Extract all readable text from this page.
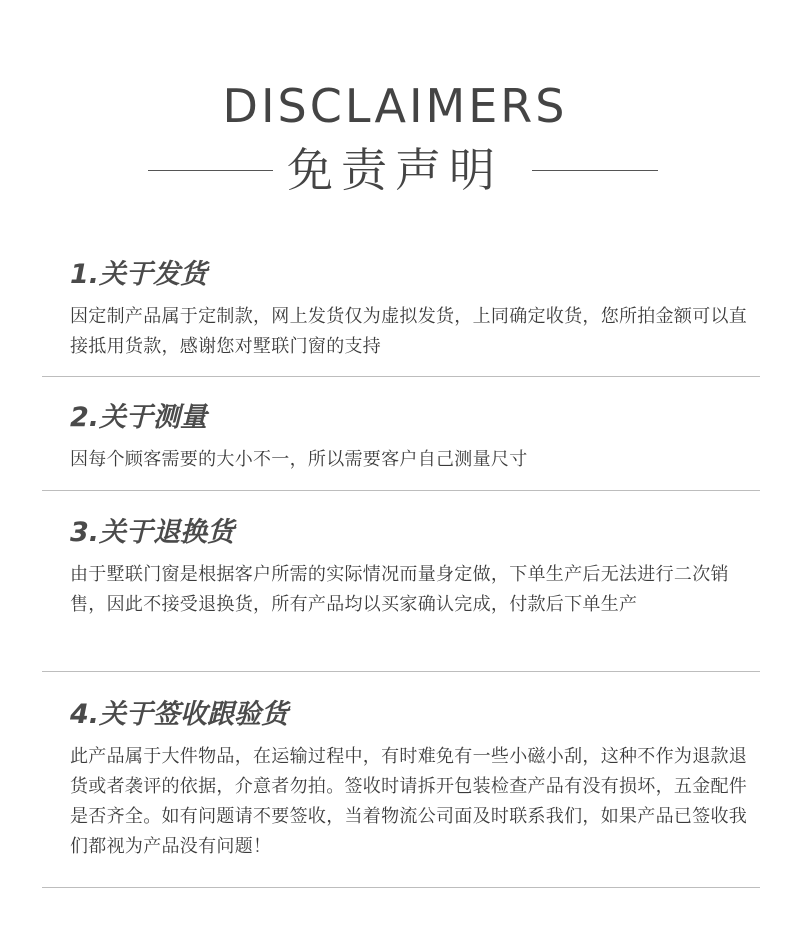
DISCLAIMERS
免责声明
1.关于发货
因定制产品属于定制款，网上发货仅为虚拟发货，上同确定收货，您所拍金额可以直接抵用货款，感谢您对墅联门窗的支持
2.关于测量
因每个顾客需要的大小不一，所以需要客户自己测量尺寸
3.关于退换货
由于墅联门窗是根据客户所需的实际情况而量身定做，下单生产后无法进行二次销售，因此不接受退换货，所有产品均以买家确认完成，付款后下单生产
4.关于签收跟验货
此产品属于大件物品，在运输过程中，有时难免有一些小磁小刮，这种不作为退款退货或者袭评的依据，介意者勿拍。签收时请拆开包装检查产品有没有损坏，五金配件是否齐全。如有问题请不要签收，当着物流公司面及时联系我们，如果产品已签收我们都视为产品没有问题！
